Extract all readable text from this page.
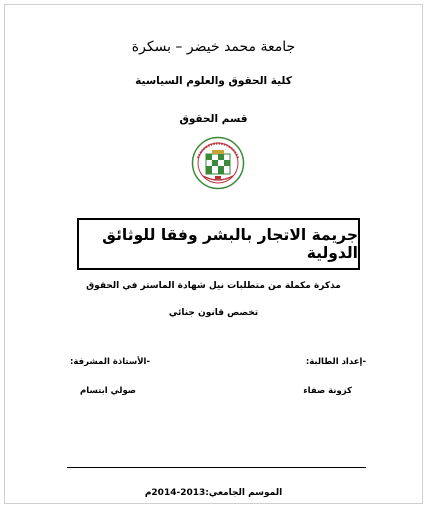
جامعة محمد خيضر – بسكرة
كلية الحقوق والعلوم السياسية
قسم الحقوق
جريمة الاتجار بالبشر وفقا للوثائق الدولية
مذكرة مكملة من متطلبات نيل شهادة الماستر في الحقوق
تخصص قانون جنائي
-إعداد الطالبة:
-الأستاذة المشرفة:
كزونة صفاء
صولي ابتسام
الموسم الجامعي:2013-2014م
